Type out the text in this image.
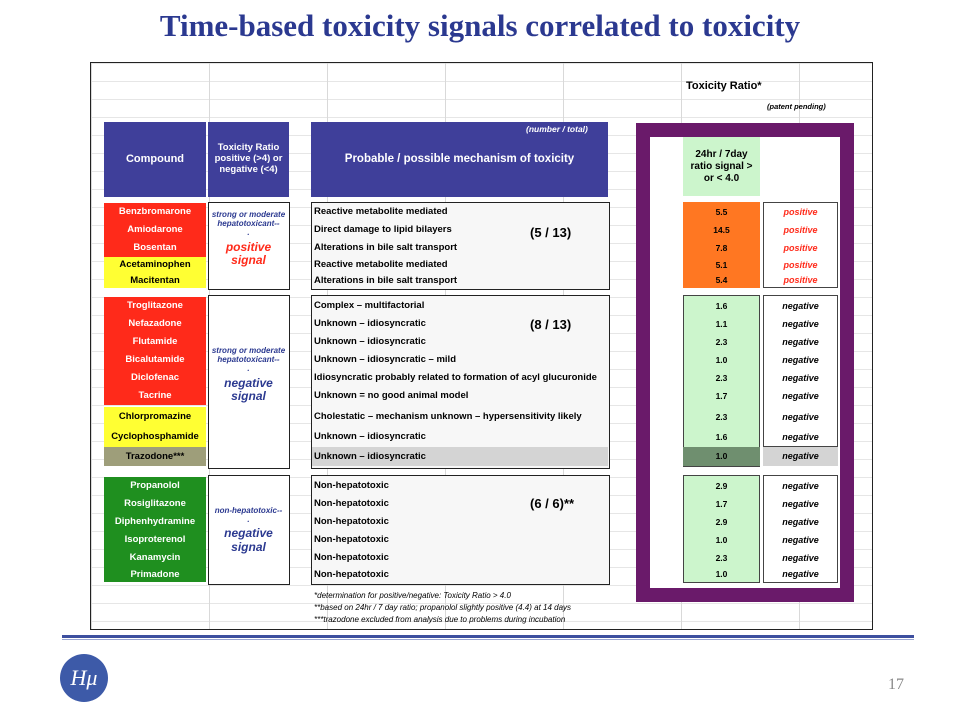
Time-based toxicity signals correlated to toxicity
Toxicity Ratio*
(patent pending)
Compound
Toxicity Ratio positive (>4) or negative (<4)
Probable / possible mechanism of toxicity
(number / total)
24hr / 7day ratio signal > or < 4.0
strong or moderate hepatotoxicant--
.
positive signal
strong or moderate hepatotoxicant--
.
negative signal
non-hepatotoxic--
.
negative signal
(5 / 13)
(8 / 13)
(6 / 6)**
Benzbromarone	Reactive metabolite mediated	5.5	positive
Amiodarone	Direct damage to lipid bilayers	14.5	positive
Bosentan	Alterations in bile salt transport	7.8	positive
Acetaminophen	Reactive metabolite mediated	5.1	positive
Macitentan	Alterations in bile salt transport	5.4	positive
Troglitazone	Complex – multifactorial	1.6	negative
Nefazadone	Unknown – idiosyncratic	1.1	negative
Flutamide	Unknown – idiosyncratic	2.3	negative
Bicalutamide	Unknown – idiosyncratic – mild	1.0	negative
Diclofenac	Idiosyncratic probably related to formation of acyl glucuronide	2.3	negative
Tacrine	Unknown = no good animal model	1.7	negative
Chlorpromazine	Cholestatic – mechanism unknown – hypersensitivity likely	2.3	negative
Cyclophosphamide	Unknown – idiosyncratic	1.6	negative
Trazodone***	Unknown – idiosyncratic	1.0	negative
Propanolol	Non-hepatotoxic	2.9	negative
Rosiglitazone	Non-hepatotoxic	1.7	negative
Diphenhydramine	Non-hepatotoxic	2.9	negative
Isoproterenol	Non-hepatotoxic	1.0	negative
Kanamycin	Non-hepatotoxic	2.3	negative
Primadone	Non-hepatotoxic	1.0	negative
*determination for positive/negative: Toxicity Ratio > 4.0
**based on 24hr / 7 day ratio; propanolol slightly positive (4.4) at 14 days
***trazodone excluded from analysis due to problems during incubation
Hμ	17
